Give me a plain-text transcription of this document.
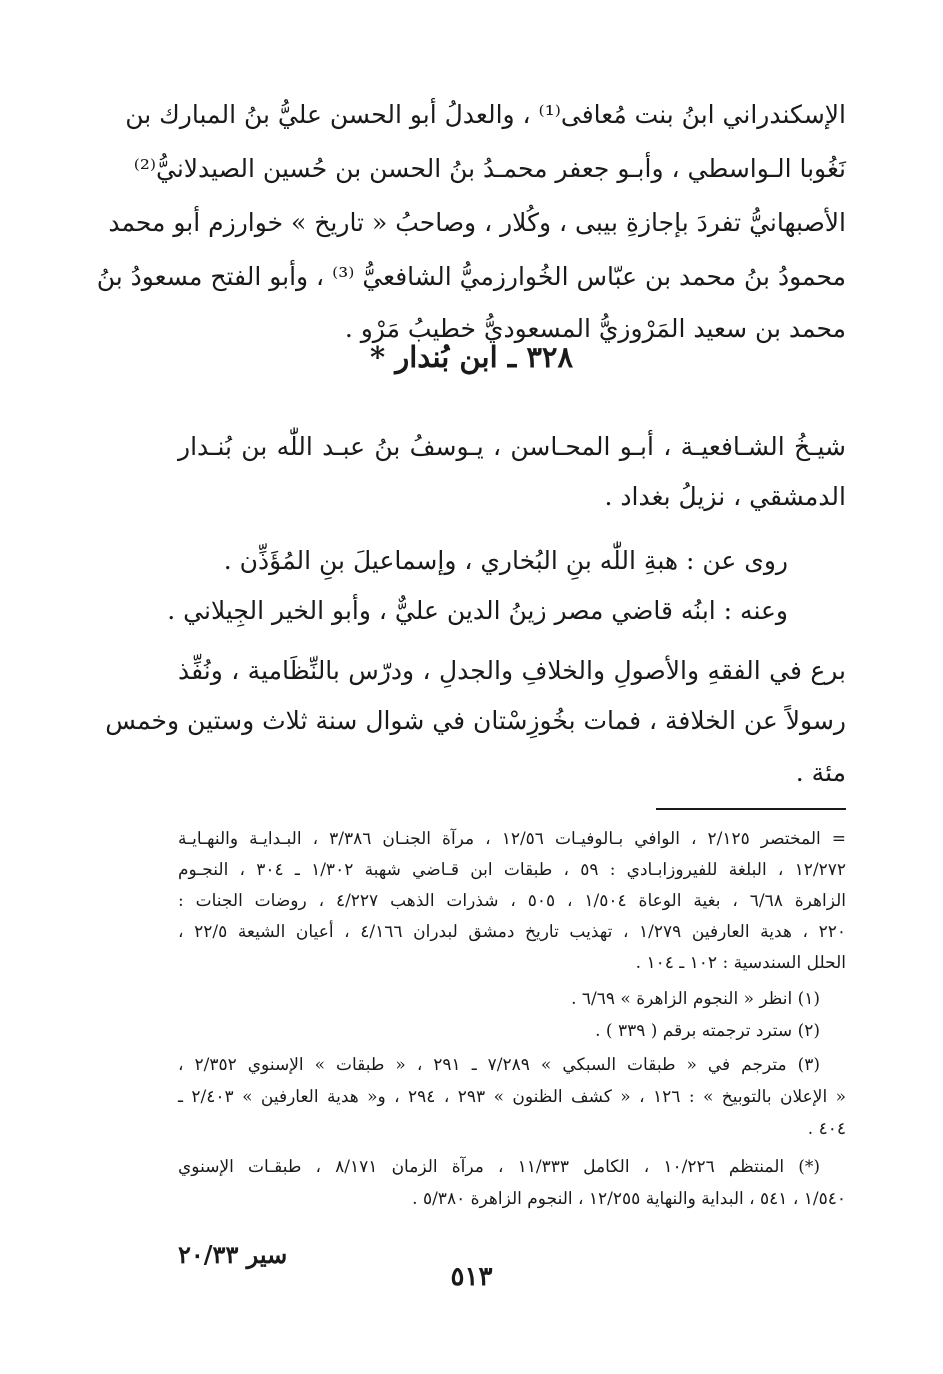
الإسكندراني ابنُ بنت مُعافى⁽¹⁾ ، والعدلُ أبو الحسن عليُّ بنُ المبارك بن
نَغُوبا الـواسطي ، وأبـو جعفر محمـدُ بنُ الحسن بن حُسين الصيدلانيُّ⁽²⁾
الأصبهانيُّ تفردَ بإجازةِ بيبى ، وكُلار ، وصاحبُ « تاريخ » خوارزم أبو محمد
محمودُ بنُ محمد بن عبّاس الخُوارزميُّ الشافعيُّ ⁽³⁾ ، وأبو الفتح مسعودُ بنُ
محمد بن سعيد المَرْوزيُّ المسعوديُّ خطيبُ مَرْو .
٣٢٨ ـ ابن بُندار *
شيـخُ الشـافعيـة ، أبـو المحـاسن ، يـوسفُ بنُ عبـد اللّٰه بن بُنـدار
الدمشقي ، نزيلُ بغداد .
روى عن : هبةِ اللّٰه بنِ البُخاري ، وإسماعيلَ بنِ المُؤَذِّن .
وعنه : ابنُه قاضي مصر زينُ الدين عليٌّ ، وأبو الخير الجِيلاني .
برع في الفقهِ والأصولِ والخلافِ والجدلِ ، ودرّس بالنِّظَامية ، ونُفِّذ
رسولاً عن الخلافة ، فمات بخُوزِسْتان في شوال سنة ثلاث وستين وخمس
مئة .
= المختصر ٢/١٢٥ ، الوافي بـالوفيـات ١٢/٥٦ ، مرآة الجنـان ٣/٣٨٦ ، البـدايـة والنهـايـة
١٢/٢٧٢ ، البلغة للفيروزابـادي : ٥٩ ، طبقات ابن قـاضي شهبة ١/٣٠٢ ـ ٣٠٤ ، النجـوم
الزاهرة ٦/٦٨ ، بغية الوعاة ١/٥٠٤ ، ٥٠٥ ، شذرات الذهب ٤/٢٢٧ ، روضات الجنات :
٢٢٠ ، هدية العارفين ١/٢٧٩ ، تهذيب تاريخ دمشق لبدران ٤/١٦٦ ، أعيان الشيعة ٢٢/٥ ،
الحلل السندسية : ١٠٢ ـ ١٠٤ .
(١) انظر « النجوم الزاهرة » ٦/٦٩ .
(٢) سترد ترجمته برقم ( ٣٣٩ ) .
(٣) مترجم في « طبقات السبكي » ٧/٢٨٩ ـ ٢٩١ ، « طبقات » الإسنوي ٢/٣٥٢ ،
« الإعلان بالتوبيخ » : ١٢٦ ، « كشف الظنون » ٢٩٣ ، ٢٩٤ ، و« هدية العارفين » ٢/٤٠٣ ـ
٤٠٤ .
(*) المنتظم ١٠/٢٢٦ ، الكامل ١١/٣٣٣ ، مرآة الزمان ٨/١٧١ ، طبقـات الإسنوي
١/٥٤٠ ، ٥٤١ ، البداية والنهاية ١٢/٢٥٥ ، النجوم الزاهرة ٥/٣٨٠ .
سير ٢٠/٣٣
٥١٣
